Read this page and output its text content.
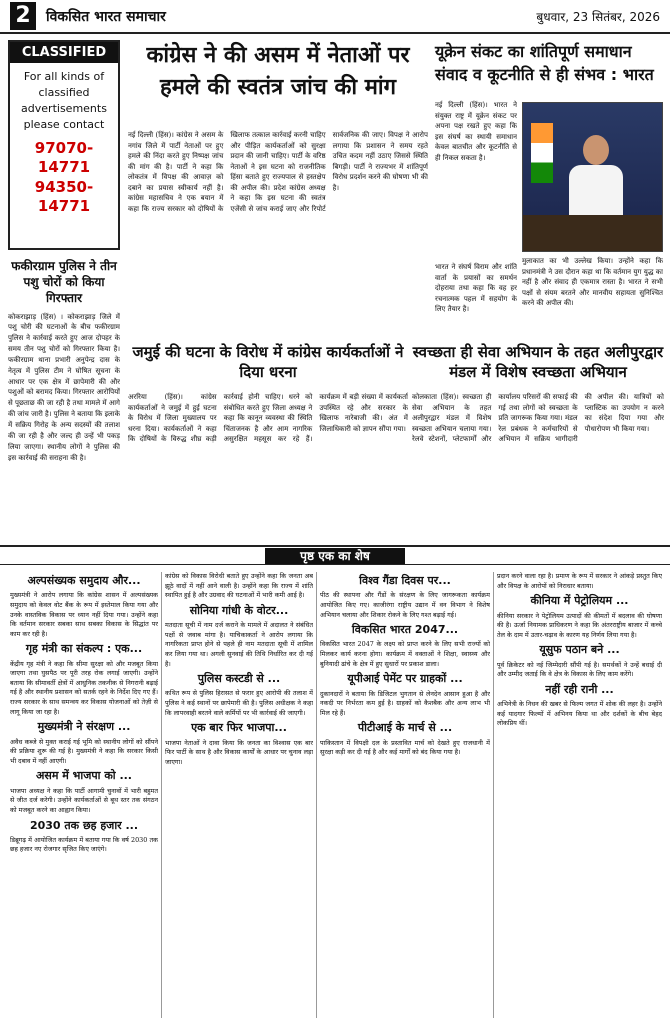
2	विकसित भारत समाचार	बुधवार, 23 सितंबर, 2026
CLASSIFIED
For all kinds of classified advertisements please contact
97070-14771
94350-14771
फकीरग्राम पुलिस ने तीन पशु चोरों को किया गिरफ्तार
कोकराझाड़ (हिंस) । कोकराझाड़ जिले में पशु चोरी की घटनाओं के बीच फकीरग्राम पुलिस ने कार्रवाई करते हुए आज दोपहर के समय तीन पशु चोरों को गिरफ्तार किया है। फकीरग्राम थाना प्रभारी अनुपेन्द्र दास के नेतृत्व में पुलिस टीम ने घोषित सूचना के आधार पर एक क्षेत्र में छापेमारी की और पशुओं को बरामद किया। गिरफ्तार आरोपियों से पूछताछ की जा रही है तथा मामले में आगे की जांच जारी है। पुलिस ने बताया कि इलाके में सक्रिय गिरोह के अन्य सदस्यों की तलाश की जा रही है और जल्द ही उन्हें भी पकड़ लिया जाएगा। स्थानीय लोगों ने पुलिस की इस कार्रवाई की सराहना की है।
कांग्रेस ने की असम में नेताओं पर हमले की स्वतंत्र जांच की मांग
नई दिल्ली (हिंस)। कांग्रेस ने असम के नगांव जिले में पार्टी नेताओं पर हुए हमले की निंदा करते हुए निष्पक्ष जांच की मांग की है। पार्टी ने कहा कि लोकतंत्र में विपक्ष की आवाज़ को दबाने का प्रयास स्वीकार्य नहीं है। कांग्रेस महासचिव ने एक बयान में कहा कि राज्य सरकार को दोषियों के खिलाफ तत्काल कार्रवाई करनी चाहिए और पीड़ित कार्यकर्ताओं को सुरक्षा प्रदान की जानी चाहिए। पार्टी के वरिष्ठ नेताओं ने इस घटना को राजनीतिक हिंसा बताते हुए राज्यपाल से हस्तक्षेप की अपील की। प्रदेश कांग्रेस अध्यक्ष ने कहा कि इस घटना की स्वतंत्र एजेंसी से जांच कराई जाए और रिपोर्ट सार्वजनिक की जाए। विपक्ष ने आरोप लगाया कि प्रशासन ने समय रहते उचित कदम नहीं उठाए जिससे स्थिति बिगड़ी। पार्टी ने राज्यभर में शांतिपूर्ण विरोध प्रदर्शन करने की घोषणा भी की है।
यूक्रेन संकट का शांतिपूर्ण समाधान संवाद व कूटनीति से ही संभव : भारत
नई दिल्ली (हिंस)। भारत ने संयुक्त राष्ट्र में यूक्रेन संकट पर अपना पक्ष रखते हुए कहा कि इस संघर्ष का स्थायी समाधान केवल बातचीत और कूटनीति से ही निकल सकता है।
भारत ने संघर्ष विराम और शांति वार्ता के प्रयासों का समर्थन दोहराया तथा कहा कि वह हर रचनात्मक पहल में सहयोग के लिए तैयार है।
मुलाकात का भी उल्लेख किया। उन्होंने कहा कि प्रधानमंत्री ने उस दौरान कहा था कि वर्तमान युग युद्ध का नहीं है और संवाद ही एकमात्र रास्ता है। भारत ने सभी पक्षों से संयम बरतने और मानवीय सहायता सुनिश्चित करने की अपील की।
जमुई की घटना के विरोध में कांग्रेस कार्यकर्ताओं ने दिया धरना
अररिया (हिंस)। कांग्रेस कार्यकर्ताओं ने जमुई में हुई घटना के विरोध में जिला मुख्यालय पर धरना दिया। कार्यकर्ताओं ने कहा कि दोषियों के विरुद्ध शीघ्र कड़ी कार्रवाई होनी चाहिए। धरने को संबोधित करते हुए जिला अध्यक्ष ने कहा कि कानून व्यवस्था की स्थिति चिंताजनक है और आम नागरिक असुरक्षित महसूस कर रहे हैं। कार्यक्रम में बड़ी संख्या में कार्यकर्ता उपस्थित रहे और सरकार के खिलाफ नारेबाजी की। अंत में जिलाधिकारी को ज्ञापन सौंपा गया।
स्वच्छता ही सेवा अभियान के तहत अलीपुरद्वार मंडल में विशेष स्वच्छता अभियान
कोलकाता (हिंस)। स्वच्छता ही सेवा अभियान के तहत अलीपुरद्वार मंडल में विशेष स्वच्छता अभियान चलाया गया। रेलवे स्टेशनों, प्लेटफार्मों और कार्यालय परिसरों की सफाई की गई तथा लोगों को स्वच्छता के प्रति जागरूक किया गया। मंडल रेल प्रबंधक ने कर्मचारियों से अभियान में सक्रिय भागीदारी की अपील की। यात्रियों को प्लास्टिक का उपयोग न करने का संदेश दिया गया और पौधारोपण भी किया गया।
पृष्ठ एक का शेष
अल्पसंख्यक समुदाय और...

मुख्यमंत्री ने आरोप लगाया कि कांग्रेस शासन में अल्पसंख्यक समुदाय को केवल वोट बैंक के रूप में इस्तेमाल किया गया और उनके वास्तविक विकास पर ध्यान नहीं दिया गया। उन्होंने कहा कि वर्तमान सरकार सबका साथ सबका विकास के सिद्धांत पर काम कर रही है।

गृह मंत्री का संकल्प : एक...

केंद्रीय गृह मंत्री ने कहा कि सीमा सुरक्षा को और मजबूत किया जाएगा तथा घुसपैठ पर पूरी तरह रोक लगाई जाएगी। उन्होंने बताया कि सीमावर्ती क्षेत्रों में आधुनिक तकनीक से निगरानी बढ़ाई गई है और स्थानीय प्रशासन को सतर्क रहने के निर्देश दिए गए हैं। राज्य सरकार के साथ समन्वय कर विकास योजनाओं को तेज़ी से लागू किया जा रहा है।

मुख्यमंत्री ने संरक्षण ...

अवैध कब्जे से मुक्त कराई गई भूमि को स्थानीय लोगों को सौंपने की प्रक्रिया शुरू की गई है। मुख्यमंत्री ने कहा कि सरकार किसी भी दबाव में नहीं आएगी।

असम में भाजपा को ...

भाजपा अध्यक्ष ने कहा कि पार्टी आगामी चुनावों में भारी बहुमत से जीत दर्ज करेगी। उन्होंने कार्यकर्ताओं से बूथ स्तर तक संगठन को मजबूत करने का आह्वान किया।

2030 तक छह हजार ...

डिब्रूगढ़ में आयोजित कार्यक्रम में बताया गया कि वर्ष 2030 तक छह हजार नए रोजगार सृजित किए जाएंगे।

कांग्रेस को विकास विरोधी बताते हुए उन्होंने कहा कि जनता अब झूठे वादों में नहीं आने वाली है। उन्होंने कहा कि राज्य में शांति स्थापित हुई है और उग्रवाद की घटनाओं में भारी कमी आई है।

सोनिया गांधी के वोटर...

मतदाता सूची में नाम दर्ज कराने के मामले में अदालत ने संबंधित पक्षों से जवाब मांगा है। याचिकाकर्ता ने आरोप लगाया कि नागरिकता प्राप्त होने से पहले ही नाम मतदाता सूची में शामिल कर लिया गया था। अगली सुनवाई की तिथि निर्धारित कर दी गई है।

पुलिस कस्टडी से ...

कथित रूप से पुलिस हिरासत से फरार हुए आरोपी की तलाश में पुलिस ने कई स्थानों पर छापेमारी की है। पुलिस अधीक्षक ने कहा कि लापरवाही बरतने वाले कर्मियों पर भी कार्रवाई की जाएगी।

एक बार फिर भाजपा...

भाजपा नेताओं ने दावा किया कि जनता का विश्वास एक बार फिर पार्टी के साथ है और विकास कार्यों के आधार पर चुनाव लड़ा जाएगा।

विश्व गैंडा दिवस पर...

पीठ की स्थापना और गैंडों के संरक्षण के लिए जागरूकता कार्यक्रम आयोजित किए गए। काजीरंगा राष्ट्रीय उद्यान में वन विभाग ने विशेष अभियान चलाया और शिकार रोकने के लिए गश्त बढ़ाई गई।

विकसित भारत 2047...

विकसित भारत 2047 के लक्ष्य को प्राप्त करने के लिए सभी राज्यों को मिलकर कार्य करना होगा। कार्यक्रम में वक्ताओं ने शिक्षा, स्वास्थ्य और बुनियादी ढांचे के क्षेत्र में हुए सुधारों पर प्रकाश डाला।

यूपीआई पेमेंट पर ग्राहकों ...

दुकानदारों ने बताया कि डिजिटल भुगतान से लेनदेन आसान हुआ है और नकदी पर निर्भरता कम हुई है। ग्राहकों को कैशबैक और अन्य लाभ भी मिल रहे हैं।

पीटीआई के मार्च से ...

पाकिस्तान में विपक्षी दल के प्रस्तावित मार्च को देखते हुए राजधानी में सुरक्षा कड़ी कर दी गई है और कई मार्गों को बंद किया गया है।

प्रदान करने वाला रहा है। प्रमाण के रूप में सरकार ने आंकड़े प्रस्तुत किए और विपक्ष के आरोपों को निराधार बताया।

कीनिया में पेट्रोलियम ...

कीनिया सरकार ने पेट्रोलियम उत्पादों की कीमतों में बदलाव की घोषणा की है। ऊर्जा नियामक प्राधिकरण ने कहा कि अंतरराष्ट्रीय बाजार में कच्चे तेल के दाम में उतार-चढ़ाव के कारण यह निर्णय लिया गया है।

यूसुफ पठान बने ...

पूर्व क्रिकेटर को नई जिम्मेदारी सौंपी गई है। समर्थकों ने उन्हें बधाई दी और उम्मीद जताई कि वे क्षेत्र के विकास के लिए काम करेंगे।

नहीं रही रानी ...

अभिनेत्री के निधन की खबर से फिल्म जगत में शोक की लहर है। उन्होंने कई यादगार फिल्मों में अभिनय किया था और दर्शकों के बीच बेहद लोकप्रिय थीं।
